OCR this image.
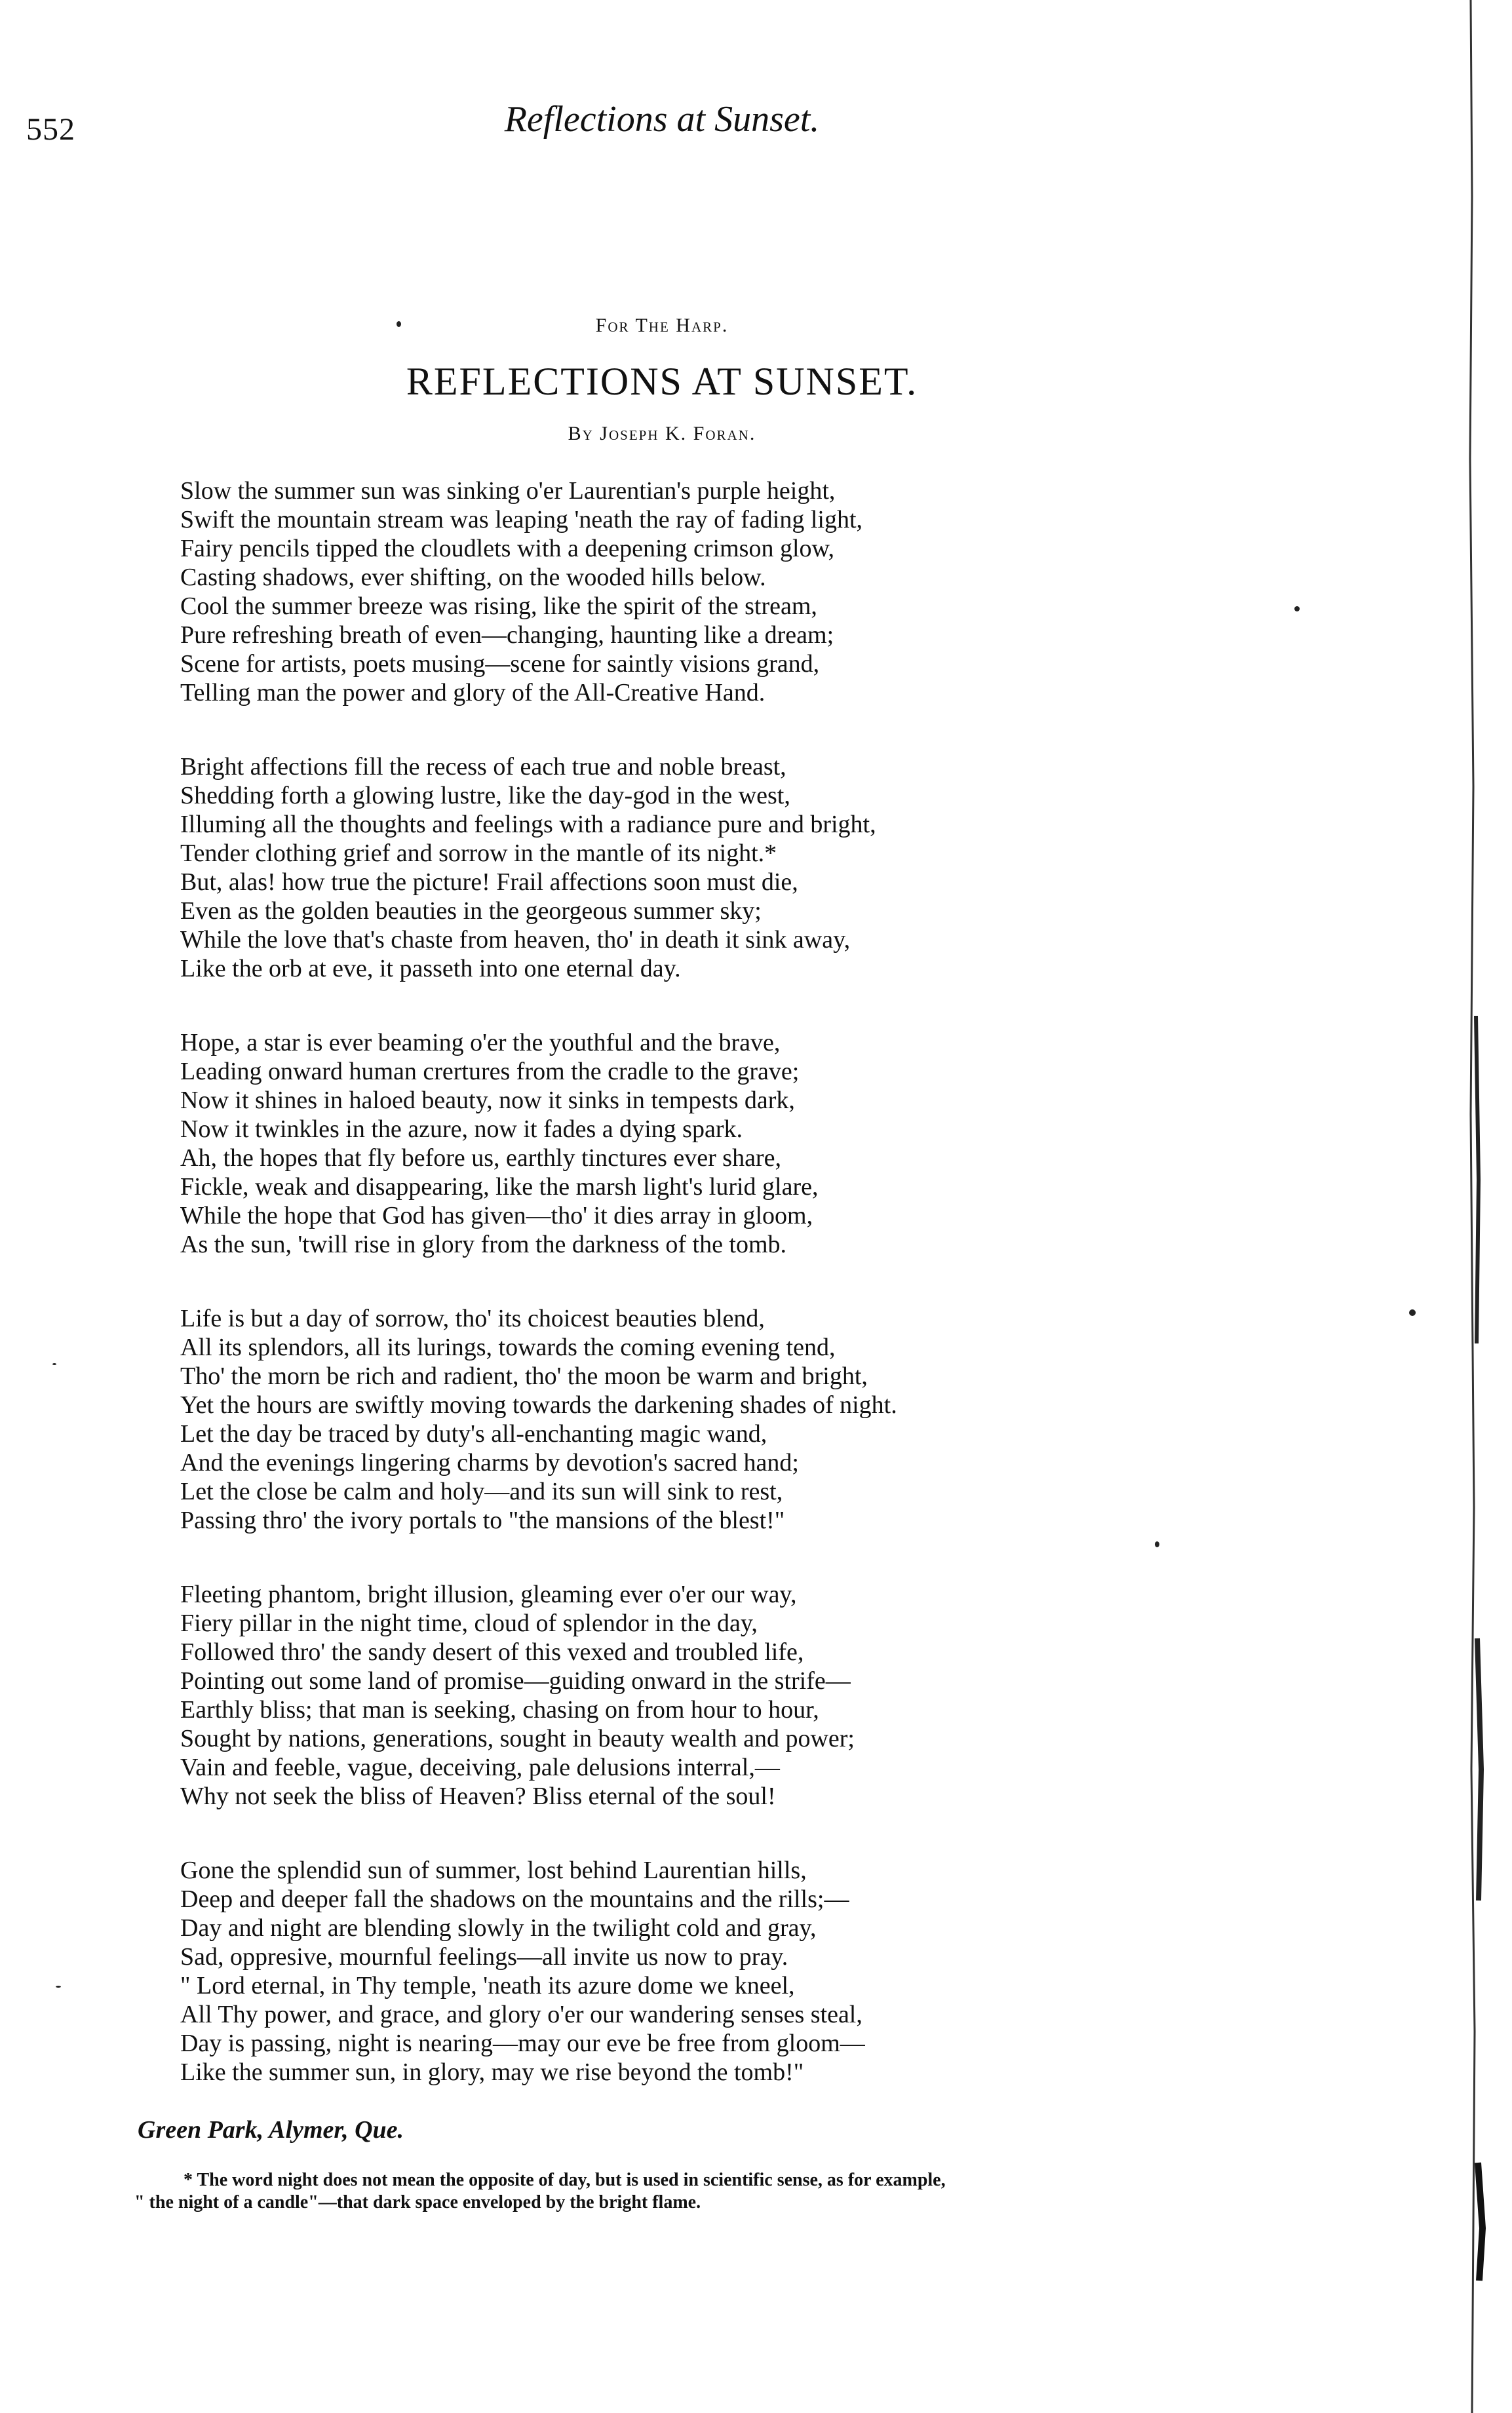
552	Reflections at Sunset.
For The Harp.
REFLECTIONS AT SUNSET.
By Joseph K. Foran.
Slow the summer sun was sinking o'er Laurentian's purple height,
Swift the mountain stream was leaping 'neath the ray of fading light,
Fairy pencils tipped the cloudlets with a deepening crimson glow,
Casting shadows, ever shifting, on the wooded hills below.
Cool the summer breeze was rising, like the spirit of the stream,
Pure refreshing breath of even—changing, haunting like a dream;
Scene for artists, poets musing—scene for saintly visions grand,
Telling man the power and glory of the All-Creative Hand.
Bright affections fill the recess of each true and noble breast,
Shedding forth a glowing lustre, like the day-god in the west,
Illuming all the thoughts and feelings with a radiance pure and bright,
Tender clothing grief and sorrow in the mantle of its night.*
But, alas! how true the picture! Frail affections soon must die,
Even as the golden beauties in the georgeous summer sky;
While the love that's chaste from heaven, tho' in death it sink away,
Like the orb at eve, it passeth into one eternal day.
Hope, a star is ever beaming o'er the youthful and the brave,
Leading onward human crertures from the cradle to the grave;
Now it shines in haloed beauty, now it sinks in tempests dark,
Now it twinkles in the azure, now it fades a dying spark.
Ah, the hopes that fly before us, earthly tinctures ever share,
Fickle, weak and disappearing, like the marsh light's lurid glare,
While the hope that God has given—tho' it dies array in gloom,
As the sun, 'twill rise in glory from the darkness of the tomb.
Life is but a day of sorrow, tho' its choicest beauties blend,
All its splendors, all its lurings, towards the coming evening tend,
Tho' the morn be rich and radient, tho' the moon be warm and bright,
Yet the hours are swiftly moving towards the darkening shades of night.
Let the day be traced by duty's all-enchanting magic wand,
And the evenings lingering charms by devotion's sacred hand;
Let the close be calm and holy—and its sun will sink to rest,
Passing thro' the ivory portals to "the mansions of the blest!"
Fleeting phantom, bright illusion, gleaming ever o'er our way,
Fiery pillar in the night time, cloud of splendor in the day,
Followed thro' the sandy desert of this vexed and troubled life,
Pointing out some land of promise—guiding onward in the strife—
Earthly bliss; that man is seeking, chasing on from hour to hour,
Sought by nations, generations, sought in beauty wealth and power;
Vain and feeble, vague, deceiving, pale delusions interral,—
Why not seek the bliss of Heaven? Bliss eternal of the soul!
Gone the splendid sun of summer, lost behind Laurentian hills,
Deep and deeper fall the shadows on the mountains and the rills;—
Day and night are blending slowly in the twilight cold and gray,
Sad, oppresive, mournful feelings—all invite us now to pray.
" Lord eternal, in Thy temple, 'neath its azure dome we kneel,
All Thy power, and grace, and glory o'er our wandering senses steal,
Day is passing, night is nearing—may our eve be free from gloom—
Like the summer sun, in glory, may we rise beyond the tomb!"
Green Park, Alymer, Que.
* The word night does not mean the opposite of day, but is used in scientific sense, as for example,
" the night of a candle"—that dark space enveloped by the bright flame.
